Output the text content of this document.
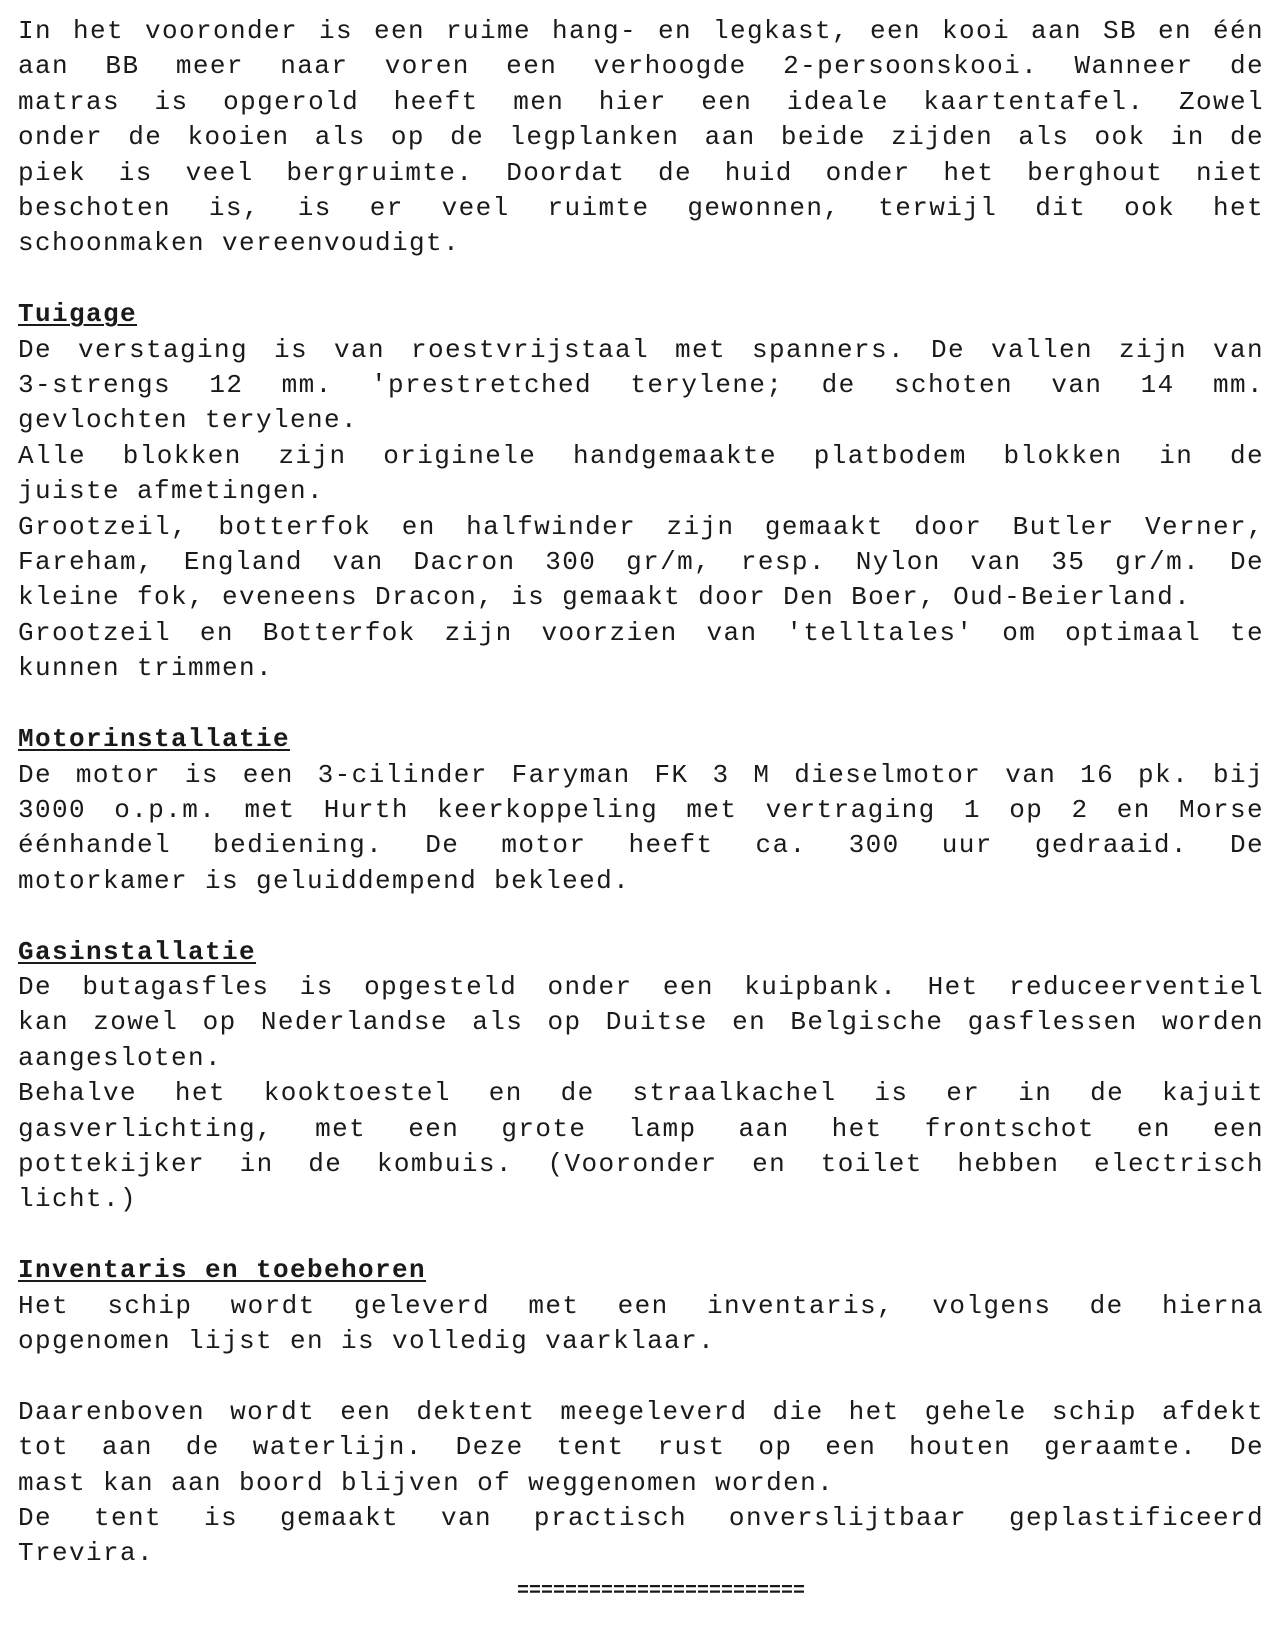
In het vooronder is een ruime hang- en legkast, een kooi aan SB en één
aan BB meer naar voren een verhoogde 2-persoonskooi. Wanneer de
matras is opgerold heeft men hier een ideale kaartentafel. Zowel
onder de kooien als op de legplanken aan beide zijden als ook in de
piek is veel bergruimte. Doordat de huid onder het berghout niet
beschoten is, is er veel ruimte gewonnen, terwijl dit ook het
schoonmaken vereenvoudigt.
Tuigage
De verstaging is van roestvrijstaal met spanners. De vallen zijn van
3-strengs 12 mm. 'prestretched terylene; de schoten van 14 mm.
gevlochten terylene.
Alle blokken zijn originele handgemaakte platbodem blokken in de
juiste afmetingen.
Grootzeil, botterfok en halfwinder zijn gemaakt door Butler Verner,
Fareham, England van Dacron 300 gr/m, resp. Nylon van 35 gr/m. De
kleine fok, eveneens Dracon, is gemaakt door Den Boer, Oud-Beierland.
Grootzeil en Botterfok zijn voorzien van 'telltales' om optimaal te
kunnen trimmen.
Motorinstallatie
De motor is een 3-cilinder Faryman FK 3 M dieselmotor van 16 pk. bij
3000 o.p.m. met Hurth keerkoppeling met vertraging 1 op 2 en Morse
éénhandel bediening. De motor heeft ca. 300 uur gedraaid. De
motorkamer is geluiddempend bekleed.
Gasinstallatie
De butagasfles is opgesteld onder een kuipbank. Het reduceerventiel
kan zowel op Nederlandse als op Duitse en Belgische gasflessen worden
aangesloten.
Behalve het kooktoestel en de straalkachel is er in de kajuit
gasverlichting, met een grote lamp aan het frontschot en een
pottekijker in de kombuis. (Vooronder en toilet hebben electrisch
licht.)
Inventaris en toebehoren
Het schip wordt geleverd met een inventaris, volgens de hierna
opgenomen lijst en is volledig vaarklaar.
Daarenboven wordt een dektent meegeleverd die het gehele schip afdekt
tot aan de waterlijn. Deze tent rust op een houten geraamte. De
mast kan aan boord blijven of weggenomen worden.
De tent is gemaakt van practisch onverslijtbaar geplastificeerd
Trevira.
========================
